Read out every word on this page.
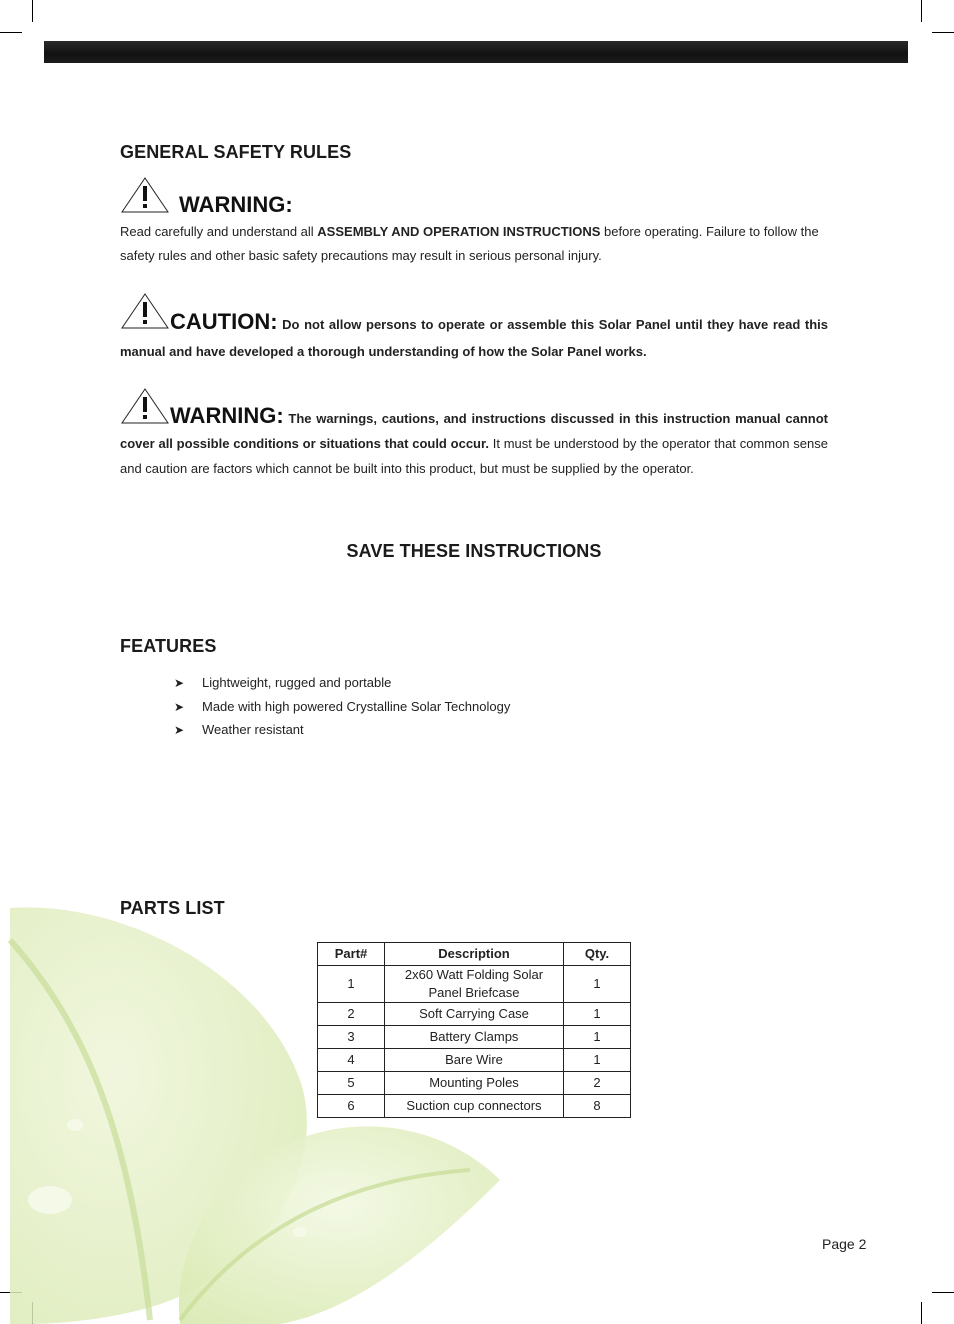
GENERAL SAFETY RULES
WARNING:
Read carefully and understand all ASSEMBLY AND OPERATION INSTRUCTIONS before operating. Failure to follow the safety rules and other basic safety precautions may result in serious personal injury.
CAUTION: Do not allow persons to operate or assemble this Solar Panel until they have read this manual and have developed a thorough understanding of how the Solar Panel works.
WARNING: The warnings, cautions, and instructions discussed in this instruction manual cannot cover all possible conditions or situations that could occur. It must be understood by the operator that common sense and caution are factors which cannot be built into this product, but must be supplied by the operator.
SAVE THESE INSTRUCTIONS
FEATURES
➤ Lightweight, rugged and portable
➤ Made with high powered Crystalline Solar Technology
➤ Weather resistant
PARTS LIST
Part#	Description	Qty.
1	2x60 Watt Folding Solar Panel Briefcase	1
2	Soft Carrying Case	1
3	Battery Clamps	1
4	Bare Wire	1
5	Mounting Poles	2
6	Suction cup connectors	8
Page 2
